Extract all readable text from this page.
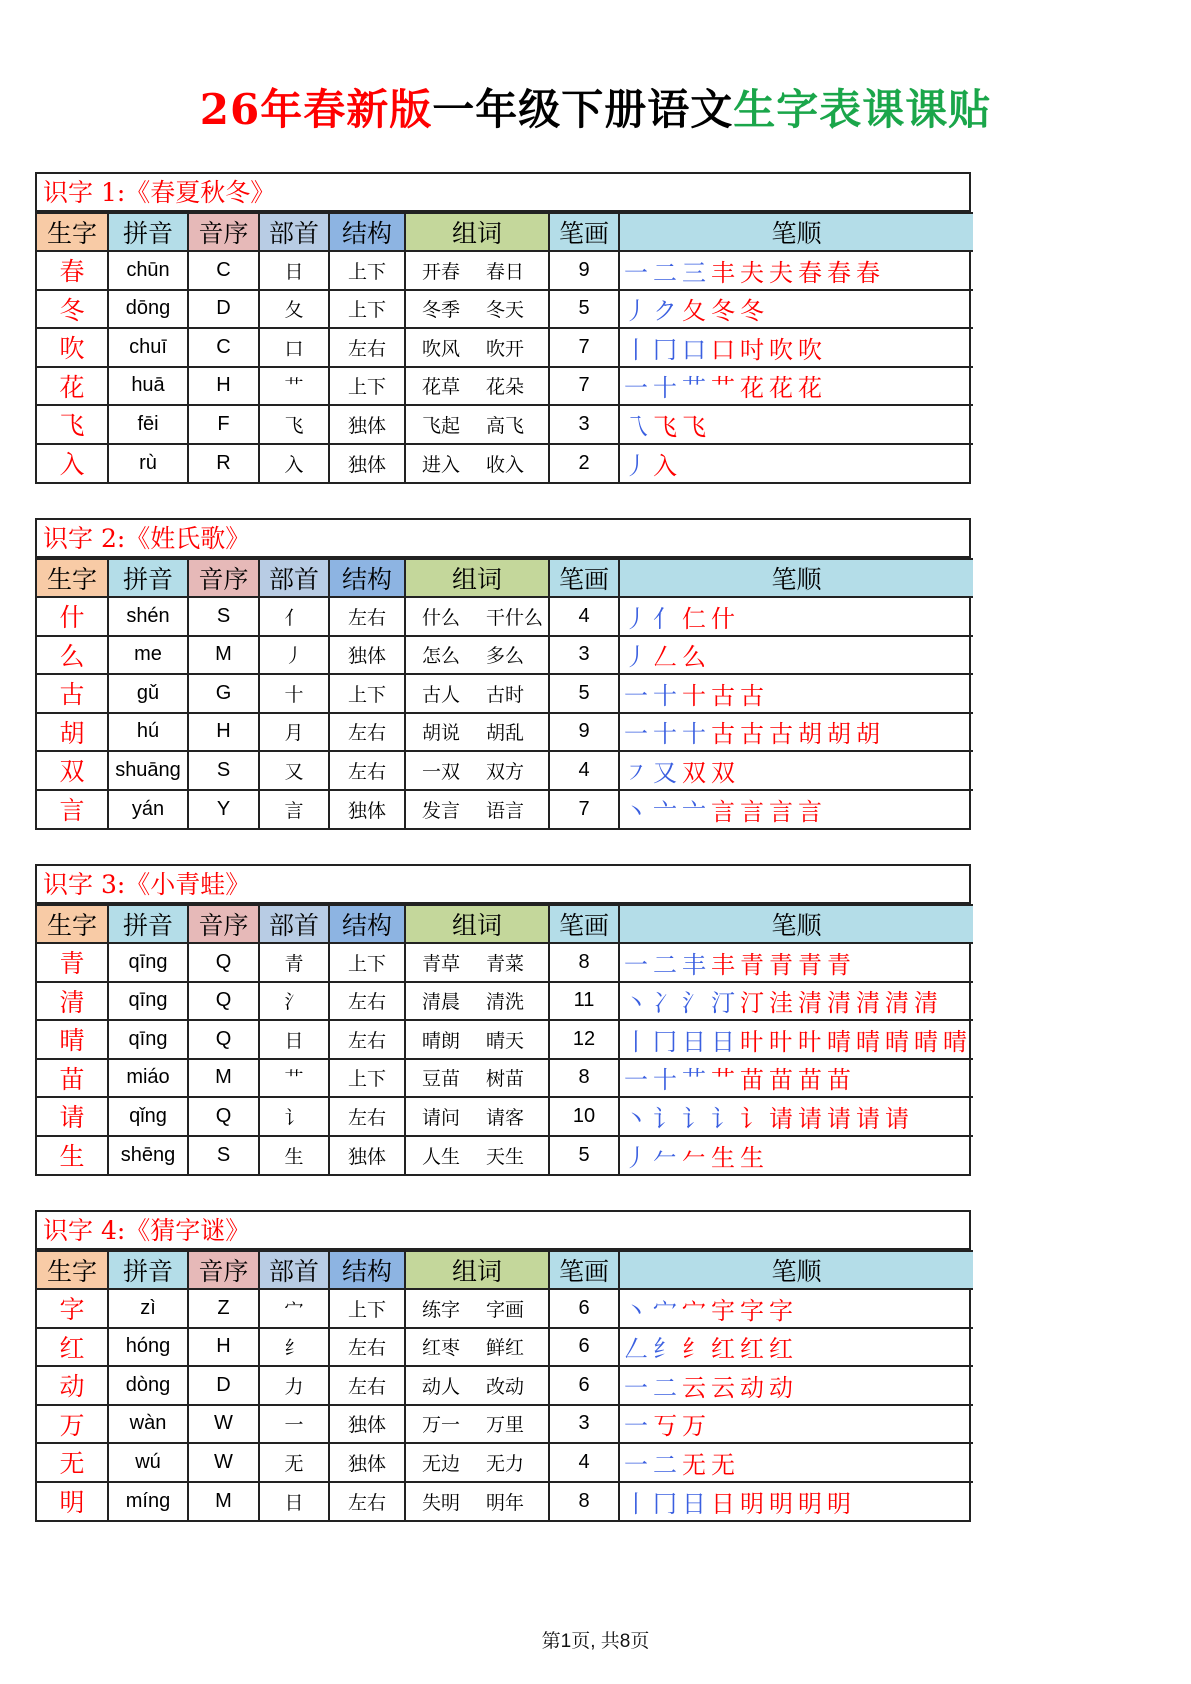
26年春新版一年级下册语文生字表课课贴
识字 1:《春夏秋冬》
生字	拼音	音序	部首	结构	组词	笔画	笔顺
春	chūn	C	日	上下	开春 春日	9	一 二 三 丰 夫 夫 春 春 春
冬	dōng	D	夂	上下	冬季 冬天	5	丿 ク 夂 冬 冬
吹	chuī	C	口	左右	吹风 吹开	7	丨 冂 口 口 吋 吹 吹
花	huā	H	艹	上下	花草 花朵	7	一 十 艹 艹 花 花 花
飞	fēi	F	飞	独体	飞起 高飞	3	乁 飞 飞
入	rù	R	入	独体	进入 收入	2	丿 入
识字 2:《姓氏歌》
生字	拼音	音序	部首	结构	组词	笔画	笔顺
什	shén	S	亻	左右	什么 干什么	4	丿 亻 仁 什
么	me	M	丿	独体	怎么 多么	3	丿 𠃋 么
古	gǔ	G	十	上下	古人 古时	5	一 十 十 古 古
胡	hú	H	月	左右	胡说 胡乱	9	一 十 十 古 古 古 胡 胡 胡
双	shuāng	S	又	左右	一双 双方	4	㇇ 又 双 双
言	yán	Y	言	独体	发言 语言	7	丶 亠 亠 言 言 言 言
识字 3:《小青蛙》
生字	拼音	音序	部首	结构	组词	笔画	笔顺
青	qīng	Q	青	上下	青草 青菜	8	一 二 丰 丰 青 青 青 青
清	qīng	Q	氵	左右	清晨 清洗	11	丶 冫 氵 汀 汀 洼 清 清 清 清 清
晴	qīng	Q	日	左右	晴朗 晴天	12	丨 冂 日 日 旪 旪 旪 晴 晴 晴 晴 晴
苗	miáo	M	艹	上下	豆苗 树苗	8	一 十 艹 艹 苗 苗 苗 苗
请	qǐng	Q	讠	左右	请问 请客	10	丶 讠 讠 讠 讠 请 请 请 请 请
生	shēng	S	生	独体	人生 天生	5	丿 𠂉 𠂉 生 生
识字 4:《猜字谜》
生字	拼音	音序	部首	结构	组词	笔画	笔顺
字	zì	Z	宀	上下	练字 字画	6	丶 宀 宀 宇 字 字
红	hóng	H	纟	左右	红枣 鲜红	6	𠃋 纟 纟 红 红 红
动	dòng	D	力	左右	动人 改动	6	一 二 云 云 动 动
万	wàn	W	一	独体	万一 万里	3	一 丂 万
无	wú	W	无	独体	无边 无力	4	一 二 无 无
明	míng	M	日	左右	失明 明年	8	丨 冂 日 日 明 明 明 明
第1页, 共8页
